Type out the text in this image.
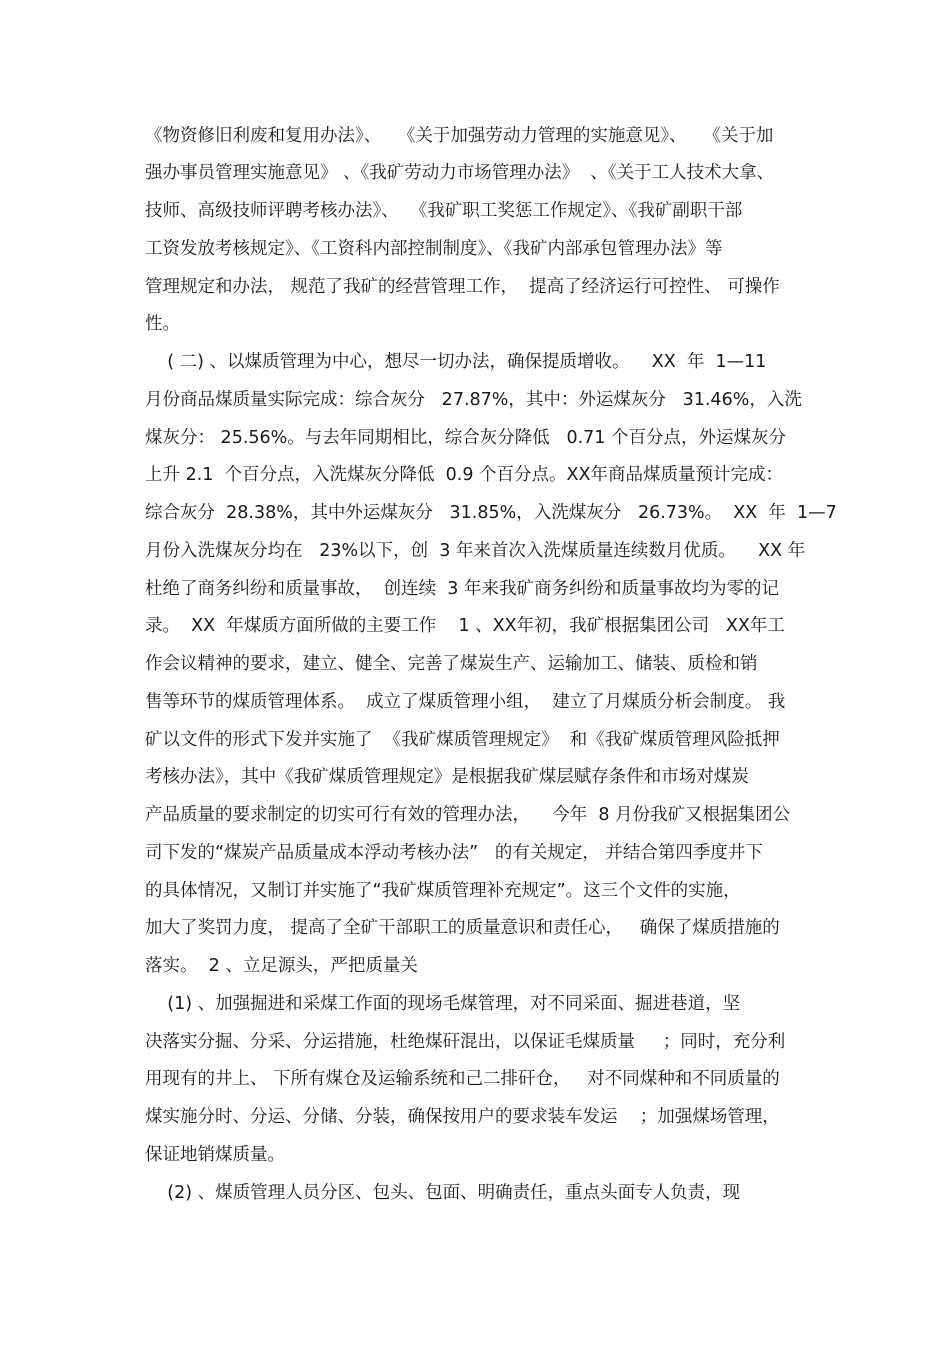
《物资修旧利废和复用办法》、   《关于加强劳动力管理的实施意见》、   《关于加
强办事员管理实施意见》 、《我矿劳动力市场管理办法》  、《关于工人技术大拿、
技师、高级技师评聘考核办法》、  《我矿职工奖惩工作规定》、《我矿副职干部
工资发放考核规定》、《工资科内部控制制度》、《我矿内部承包管理办法》等
管理规定和办法， 规范了我矿的经营管理工作，  提高了经济运行可控性、 可操作
性。
( 二) 、以煤质管理为中心，想尽一切办法，确保提质增收。    XX  年  1—11
月份商品煤质量实际完成：综合灰分   27.87%，其中：外运煤灰分   31.46%，入洗
煤灰分： 25.56%。与去年同期相比，综合灰分降低   0.71 个百分点，外运煤灰分
上升 2.1  个百分点，入洗煤灰分降低  0.9 个百分点。XX年商品煤质量预计完成：
综合灰分  28.38%，其中外运煤灰分   31.85%，入洗煤灰分   26.73%。  XX  年  1—7
月份入洗煤灰分均在   23%以下，创  3 年来首次入洗煤质量连续数月优质。    XX 年
杜绝了商务纠纷和质量事故，  创连续  3 年来我矿商务纠纷和质量事故均为零的记
录。  XX  年煤质方面所做的主要工作    1 、XX年初，我矿根据集团公司   XX年工
作会议精神的要求，建立、健全、完善了煤炭生产、运输加工、储装、质检和销
售等环节的煤质管理体系。  成立了煤质管理小组，  建立了月煤质分析会制度。 我
矿以文件的形式下发并实施了  《我矿煤质管理规定》  和《我矿煤质管理风险抵押
考核办法》，其中《我矿煤质管理规定》是根据我矿煤层赋存条件和市场对煤炭
产品质量的要求制定的切实可行有效的管理办法，    今年  8 月份我矿又根据集团公
司下发的“煤炭产品质量成本浮动考核办法”   的有关规定， 并结合第四季度井下
的具体情况，又制订并实施了“我矿煤质管理补充规定”。这三个文件的实施，
加大了奖罚力度， 提高了全矿干部职工的质量意识和责任心，   确保了煤质措施的
落实。  2 、立足源头，严把质量关
(1) 、加强掘进和采煤工作面的现场毛煤管理，对不同采面、掘进巷道，坚
决落实分掘、分采、分运措施，杜绝煤矸混出，以保证毛煤质量     ；同时，充分利
用现有的井上、 下所有煤仓及运输系统和己二排矸仓，   对不同煤种和不同质量的
煤实施分时、分运、分储、分装，确保按用户的要求装车发运    ；加强煤场管理，
保证地销煤质量。
(2) 、煤质管理人员分区、包头、包面、明确责任，重点头面专人负责，现
